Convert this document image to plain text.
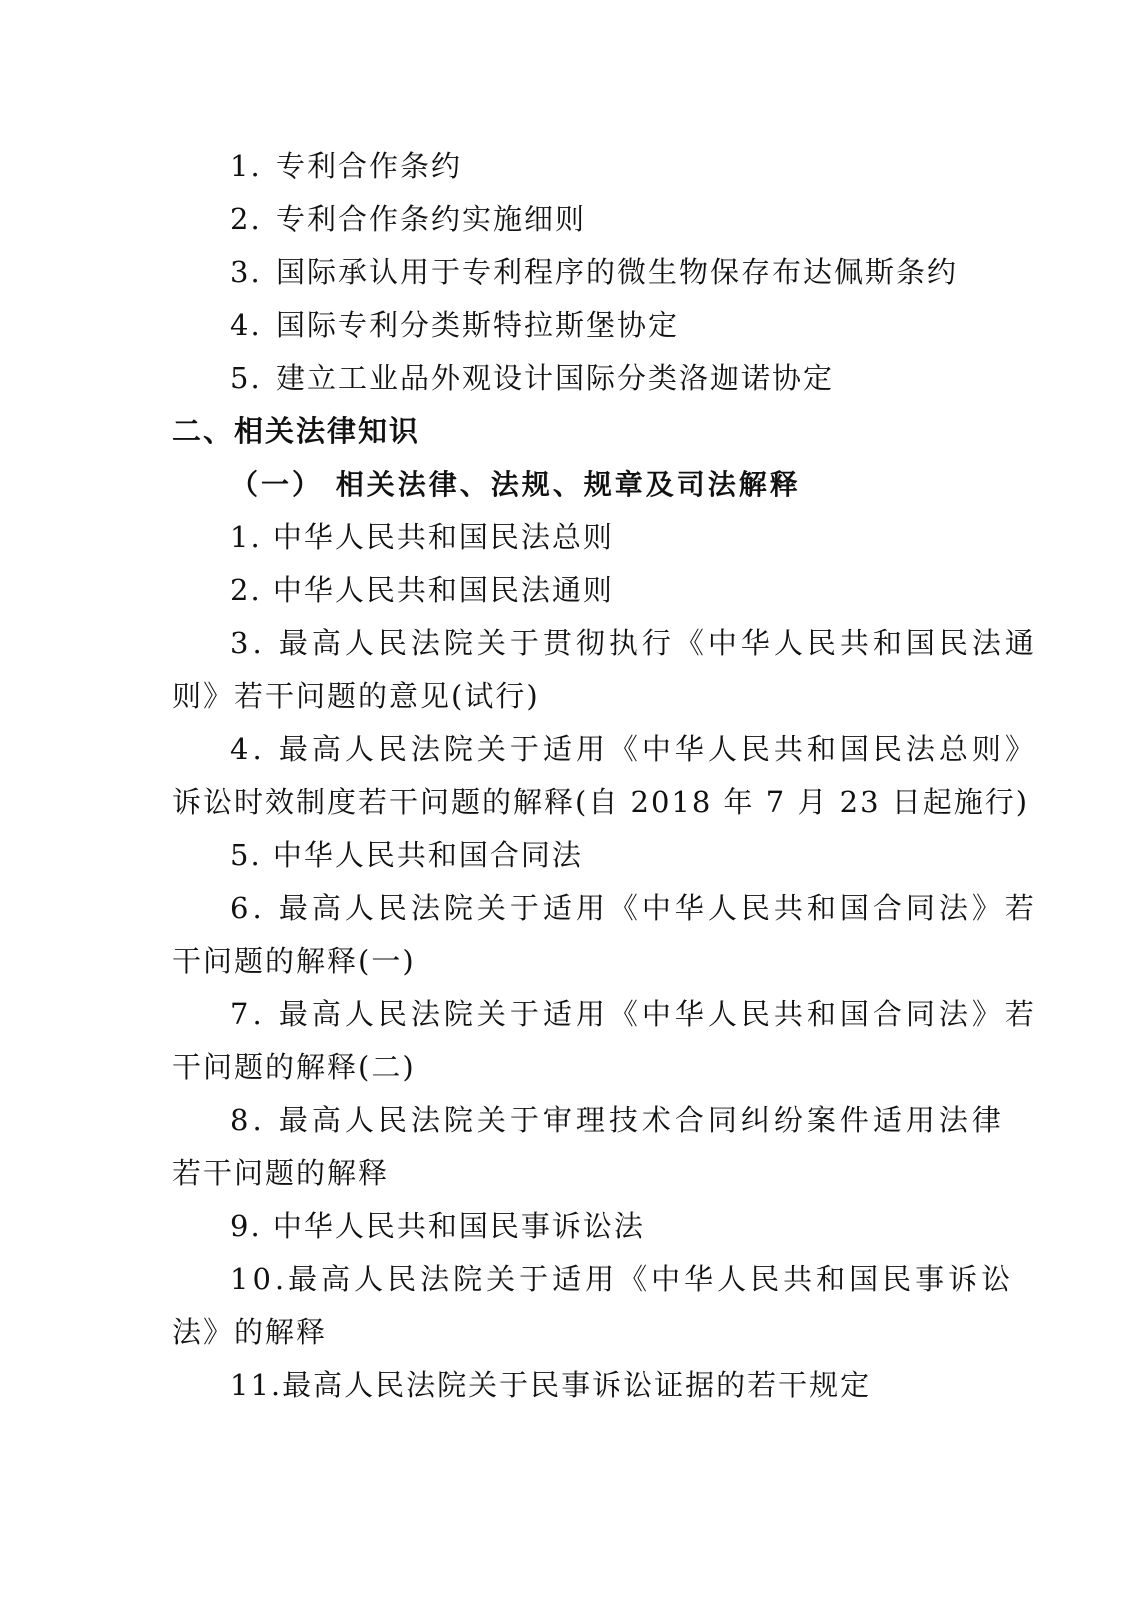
1. 专利合作条约
2. 专利合作条约实施细则
3. 国际承认用于专利程序的微生物保存布达佩斯条约
4. 国际专利分类斯特拉斯堡协定
5. 建立工业品外观设计国际分类洛迦诺协定
二、相关法律知识
（一） 相关法律、法规、规章及司法解释
1. 中华人民共和国民法总则
2. 中华人民共和国民法通则
3. 最高人民法院关于贯彻执行《中华人民共和国民法通
则》若干问题的意见(试行)
4. 最高人民法院关于适用《中华人民共和国民法总则》
诉讼时效制度若干问题的解释(自 2018 年 7 月 23 日起施行)
5. 中华人民共和国合同法
6. 最高人民法院关于适用《中华人民共和国合同法》若
干问题的解释(一)
7. 最高人民法院关于适用《中华人民共和国合同法》若
干问题的解释(二)
8. 最高人民法院关于审理技术合同纠纷案件适用法律
若干问题的解释
9. 中华人民共和国民事诉讼法
10.最高人民法院关于适用《中华人民共和国民事诉讼
法》的解释
11.最高人民法院关于民事诉讼证据的若干规定
